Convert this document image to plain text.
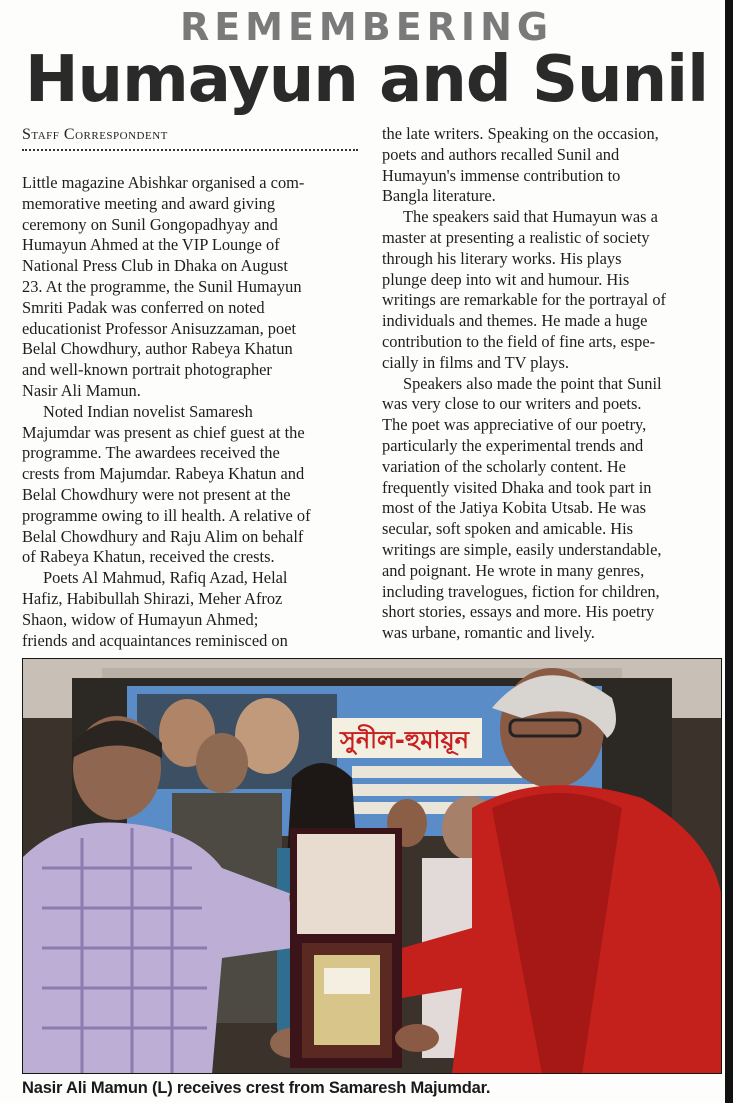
REMEMBERING
Humayun and Sunil
Staff Correspondent

Little magazine Abishkar organised a com-
memorative meeting and award giving
ceremony on Sunil Gongopadhyay and
Humayun Ahmed at the VIP Lounge of
National Press Club in Dhaka on August
23. At the programme, the Sunil Humayun
Smriti Padak was conferred on noted
educationist Professor Anisuzzaman, poet
Belal Chowdhury, author Rabeya Khatun
and well-known portrait photographer
Nasir Ali Mamun.

Noted Indian novelist Samaresh
Majumdar was present as chief guest at the
programme. The awardees received the
crests from Majumdar. Rabeya Khatun and
Belal Chowdhury were not present at the
programme owing to ill health. A relative of
Belal Chowdhury and Raju Alim on behalf
of Rabeya Khatun, received the crests.

Poets Al Mahmud, Rafiq Azad, Helal
Hafiz, Habibullah Shirazi, Meher Afroz
Shaon, widow of Humayun Ahmed;
friends and acquaintances reminisced on

the late writers. Speaking on the occasion,
poets and authors recalled Sunil and
Humayun's immense contribution to
Bangla literature.

The speakers said that Humayun was a
master at presenting a realistic of society
through his literary works. His plays
plunge deep into wit and humour. His
writings are remarkable for the portrayal of
individuals and themes. He made a huge
contribution to the field of fine arts, espe-
cially in films and TV plays.

Speakers also made the point that Sunil
was very close to our writers and poets.
The poet was appreciative of our poetry,
particularly the experimental trends and
variation of the scholarly content. He
frequently visited Dhaka and took part in
most of the Jatiya Kobita Utsab. He was
secular, soft spoken and amicable. His
writings are simple, easily understandable,
and poignant. He wrote in many genres,
including travelogues, fiction for children,
short stories, essays and more. His poetry
was urbane, romantic and lively.

সুনীল-হুমায়ূন
Nasir Ali Mamun (L) receives crest from Samaresh Majumdar.
